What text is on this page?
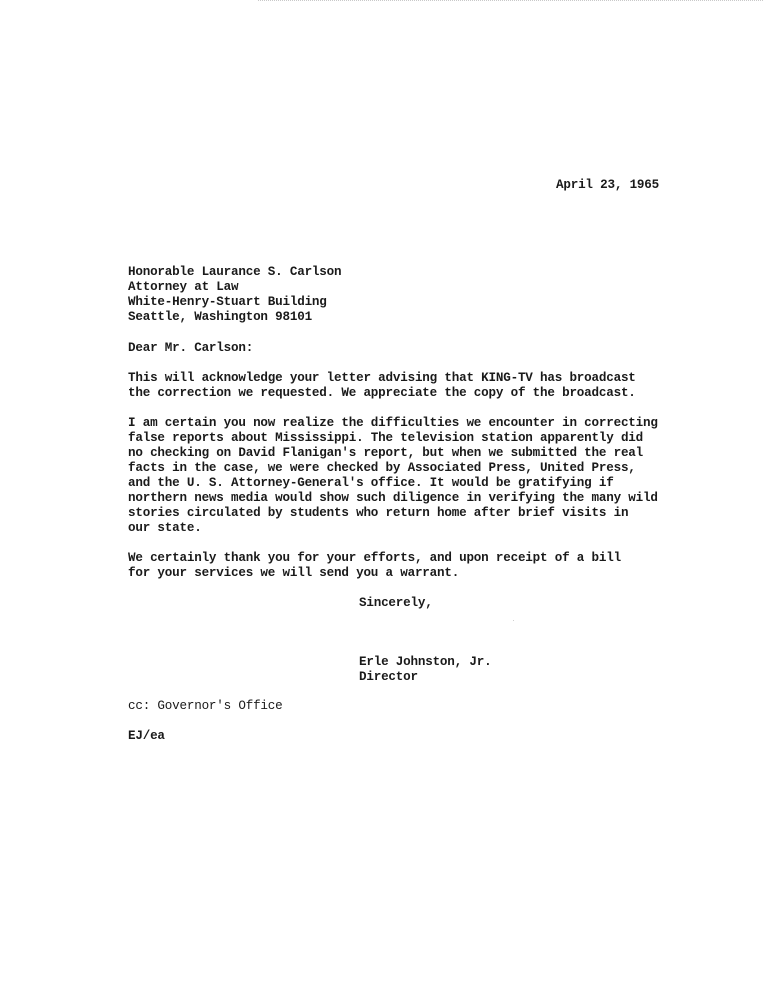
April 23, 1965
Honorable Laurance S. Carlson
Attorney at Law
White-Henry-Stuart Building
Seattle, Washington 98101
Dear Mr. Carlson:
This will acknowledge your letter advising that KING-TV has broadcast
the correction we requested. We appreciate the copy of the broadcast.
I am certain you now realize the difficulties we encounter in correcting
false reports about Mississippi. The television station apparently did
no checking on David Flanigan's report, but when we submitted the real
facts in the case, we were checked by Associated Press, United Press,
and the U. S. Attorney-General's office. It would be gratifying if
northern news media would show such diligence in verifying the many wild
stories circulated by students who return home after brief visits in
our state.
We certainly thank you for your efforts, and upon receipt of a bill
for your services we will send you a warrant.
Sincerely,
Erle Johnston, Jr.
Director
cc: Governor's Office
EJ/ea
